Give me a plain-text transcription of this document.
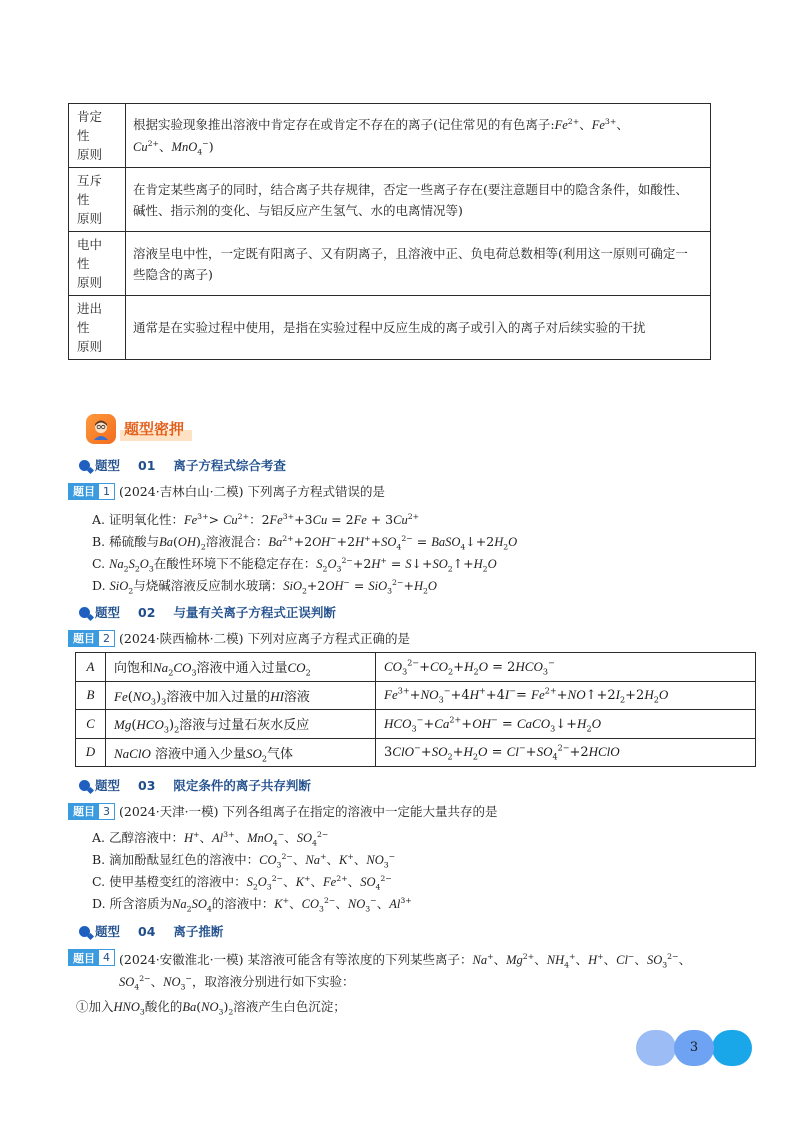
肯定
性
原则	根据实验现象推出溶液中肯定存在或肯定不存在的离子(记住常见的有色离子$:Fe^{2+}$、$Fe^{3+}$、
$Cu^{2+}$、MnO$_4$−)
互斥
性
原则	在肯定某些离子的同时，结合离子共存规律，否定一些离子存在(要注意题目中的隐含条件，如酸性、碱性、指示剂的变化、与铝反应产生氢气、水的电离情况等)
电中
性
原则	溶液呈电中性，一定既有阳离子、又有阴离子，且溶液中正、负电荷总数相等(利用这一原则可确定一些隐含的离子)
进出
性
原则	通常是在实验过程中使用，是指在实验过程中反应生成的离子或引入的离子对后续实验的干扰
题型密押
题型 01 离子方程式综合考查
题目 1 (2024·吉林白山·二模) 下列离子方程式错误的是
A. 证明氧化性：$Fe^{3+}> Cu^{2+}$：$2Fe^{3+}+3Cu = 2Fe + 3Cu^{2+}$
B. 稀硫酸与$Ba(OH)_2$溶液混合：$Ba^{2+}+2OH^-+2H^++SO_4^{2-}$ = $BaSO_4↓+2H_2O$
C. $Na_2S_2O_3$在酸性环境下不能稳定存在：$S_2O_3^{2-}+2H^+$ = $S↓+SO_2↑+H_2O$
D. SiO$_2$与烧碱溶液反应制水玻璃：$SiO_2+2OH^- = SiO_3^{2-}+H_2O$
题型 02 与量有关离子方程式正误判断
题目 2 (2024·陕西榆林·二模) 下列对应离子方程式正确的是
A	向饱和$Na_2CO_3$溶液中通入过量$CO_2$	$CO_3^{2-}+CO_2+H_2O = 2HCO_3^-$
B	$Fe(NO_3)_3$溶液中加入过量的HI溶液	$Fe^{3+}+NO_3^-+4H^++4I^-=$ $Fe^{2+}+NO↑+2I_2+2H_2O$
C	$Mg(HCO_3)_2$溶液与过量石灰水反应	$HCO_3^-+Ca^{2+}+OH^-$ = $CaCO_3↓+H_2O$
D	NaClO 溶液中通入少量$SO_2$气体	$3ClO^-+SO_2+H_2O$ = $Cl^-+SO_4^{2-}+2HClO$
题型 03 限定条件的离子共存判断
题目 3 (2024·天津·一模) 下列各组离子在指定的溶液中一定能大量共存的是
A. 乙醇溶液中：H+、$Al^{3+}$、MnO$_4$−、$SO_4^{2-}$
B. 滴加酚酞显红色的溶液中：$CO_3^{2-}$、Na+、K+、$NO_3^-$
C. 使甲基橙变红的溶液中：$S_2O_3^{2-}$、K+、$Fe^{2+}$、$SO_4^{2-}$
D. 所含溶质为$Na_2SO_4$的溶液中：K+、$CO_3^{2-}$、$NO_3^-$、$Al^{3+}$
题型 04 离子推断
题目 4 (2024·安徽淮北·一模) 某溶液可能含有等浓度的下列某些离子：Na+、$Mg^{2+}$、$NH_4^+$、H+、Cl−、$SO_3^{2-}$、
$SO_4^{2-}$、$NO_3^-$，取溶液分别进行如下实验：
①加入$HNO_3$酸化的$Ba(NO_3)_2$溶液产生白色沉淀；
3
